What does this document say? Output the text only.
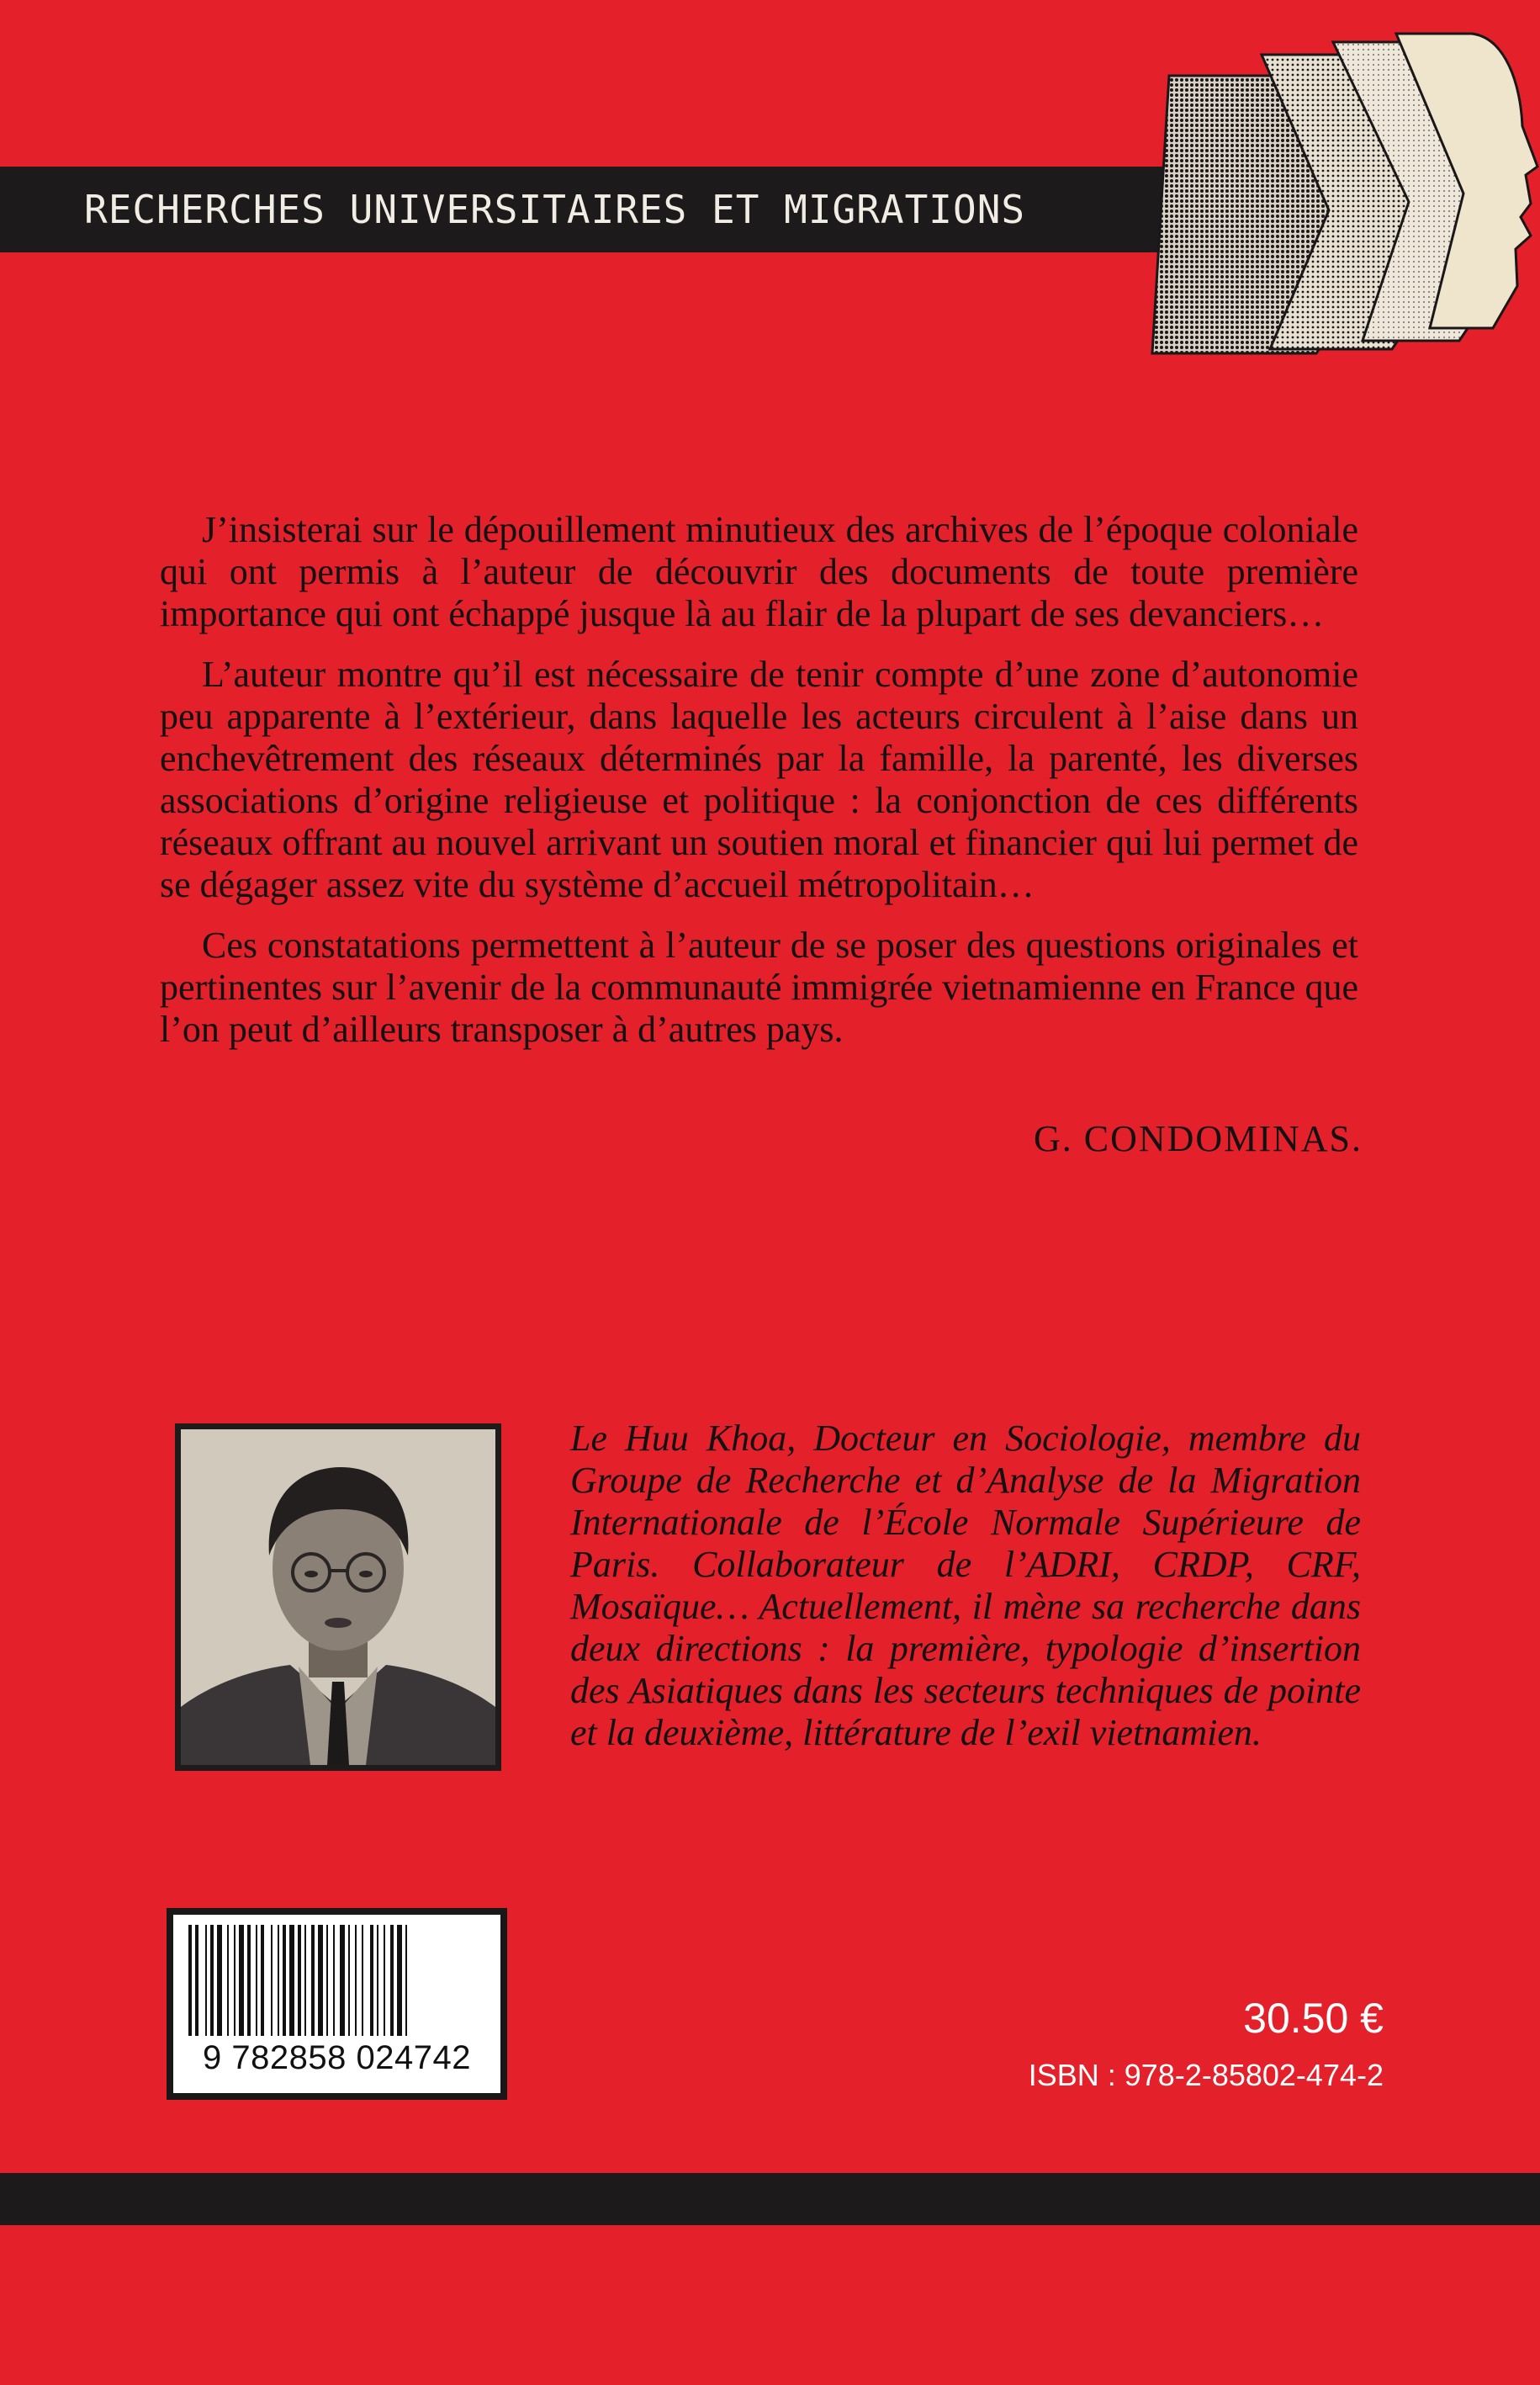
RECHERCHES UNIVERSITAIRES ET MIGRATIONS

J’insisterai sur le dépouillement minutieux des archives de l’époque coloniale qui ont permis à l’auteur de découvrir des documents de toute première importance qui ont échappé jusque là au flair de la plupart de ses devanciers…

L’auteur montre qu’il est nécessaire de tenir compte d’une zone d’autonomie peu apparente à l’extérieur, dans laquelle les acteurs circulent à l’aise dans un enchevêtrement des réseaux déterminés par la famille, la parenté, les diverses associations d’origine religieuse et politique : la conjonction de ces différents réseaux offrant au nouvel arrivant un soutien moral et financier qui lui permet de se dégager assez vite du système d’accueil métropolitain…

Ces constatations permettent à l’auteur de se poser des questions originales et pertinentes sur l’avenir de la communauté immigrée vietnamienne en France que l’on peut d’ailleurs transposer à d’autres pays.

G. CONDOMINAS.
Le Huu Khoa, Docteur en Sociologie, membre du Groupe de Recherche et d’Analyse de la Migration Internationale de l’École Normale Supérieure de Paris. Collaborateur de l’ADRI, CRDP, CRF, Mosaïque… Actuellement, il mène sa recherche dans deux directions : la première, typologie d’insertion des Asiatiques dans les secteurs techniques de pointe et la deuxième, littérature de l’exil vietnamien.
9 782858 024742
30.50 €
ISBN : 978-2-85802-474-2
